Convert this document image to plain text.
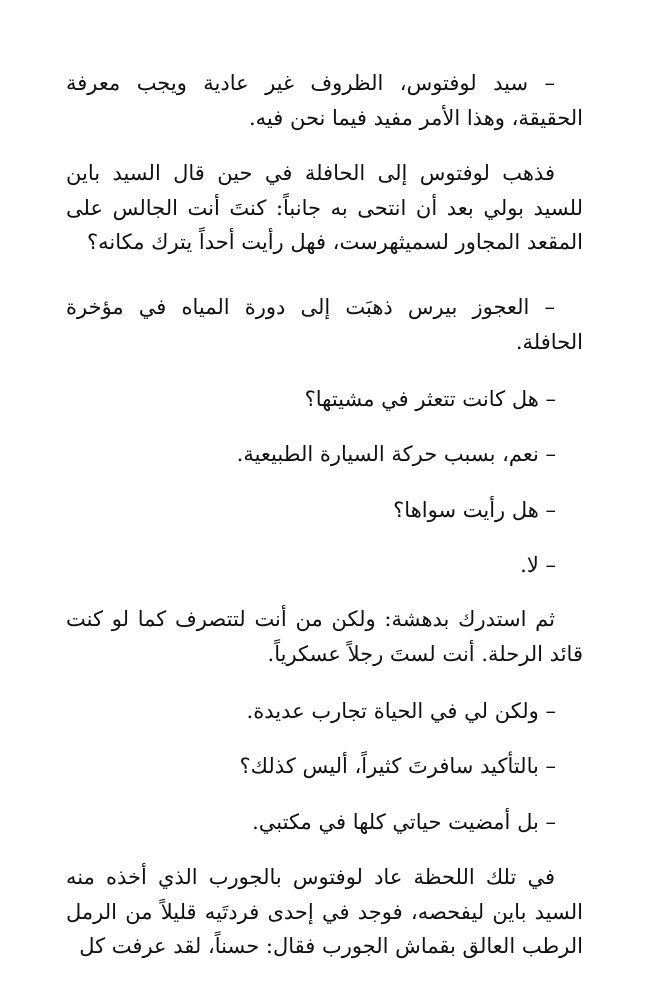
– سيد لوفتوس، الظروف غير عادية ويجب معرفة الحقيقة، وهذا الأمر مفيد فيما نحن فيه.

فذهب لوفتوس إلى الحافلة في حين قال السيد باين للسيد بولي بعد أن انتحى به جانباً: كنتَ أنت الجالس على المقعد المجاور لسميثهرست، فهل رأيت أحداً يترك مكانه؟

– العجوز بيرس ذهبَت إلى دورة المياه في مؤخرة الحافلة.

– هل كانت تتعثر في مشيتها؟

– نعم، بسبب حركة السيارة الطبيعية.

– هل رأيت سواها؟

– لا.

ثم استدرك بدهشة: ولكن من أنت لتتصرف كما لو كنت قائد الرحلة. أنت لستَ رجلاً عسكرياً.

– ولكن لي في الحياة تجارب عديدة.

– بالتأكيد سافرتَ كثيراً، أليس كذلك؟

– بل أمضيت حياتي كلها في مكتبي.

في تلك اللحظة عاد لوفتوس بالجورب الذي أخذه منه السيد باين ليفحصه، فوجد في إحدى فردتَيه قليلاً من الرمل الرطب العالق بقماش الجورب فقال: حسناً، لقد عرفت كل
